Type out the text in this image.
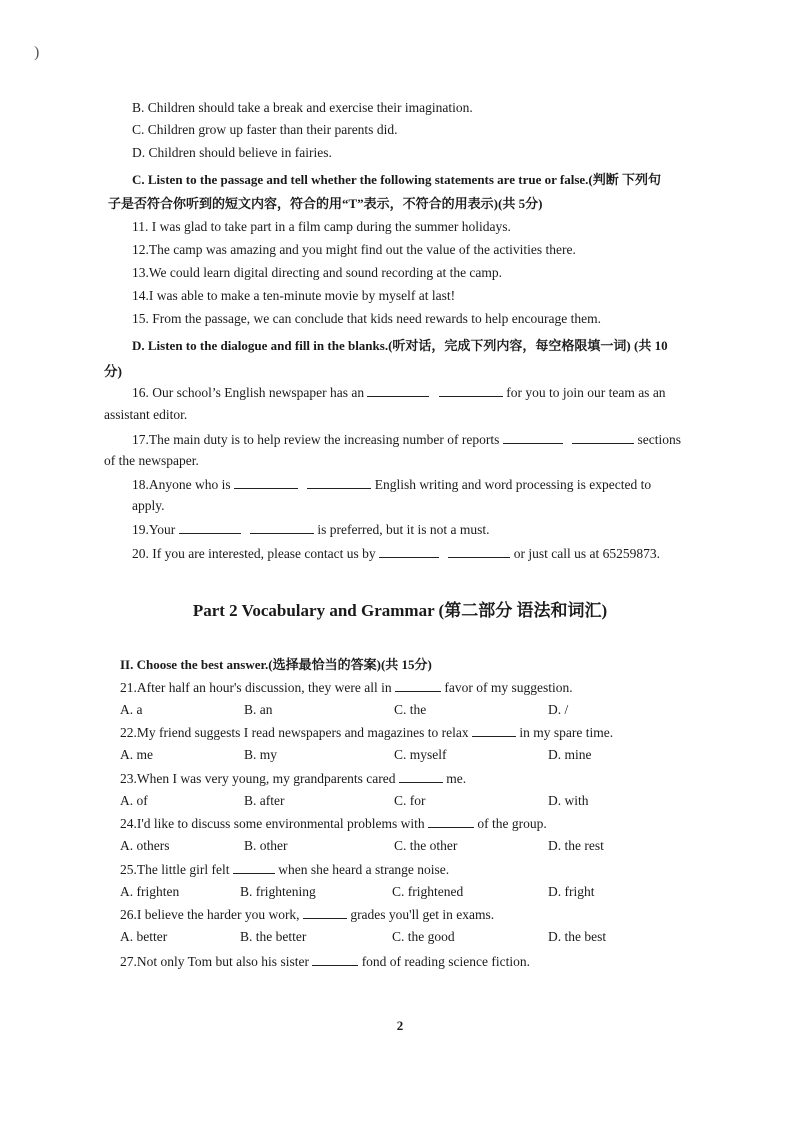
)
B. Children should take a break and exercise their imagination.
C. Children grow up faster than their parents did.
D. Children should believe in fairies.
C. Listen to the passage and tell whether the following statements are true or false.(判断 下列句
子是否符合你听到的短文内容，符合的用“T”表示，不符合的用表示)(共 5分)
11. I was glad to take part in a film camp during the summer holidays.
12.The camp was amazing and you might find out the value of the activities there.
13.We could learn digital directing and sound recording at the camp.
14.I was able to make a ten-minute movie by myself at last!
15. From the passage, we can conclude that kids need rewards to help encourage them.
D. Listen to the dialogue and fill in the blanks.(听对话，完成下列内容，每空格限填一词) (共 10
分)
16. Our school’s English newspaper has an	for you to join our team as an
assistant editor.
17.The main duty is to help review the increasing number of reports	sections
of the newspaper.
18.Anyone who is	English writing and word processing is expected to
apply.
19.Your	is preferred, but it is not a must.
20. If you are interested, please contact us by	or just call us at 65259873.
Part 2 Vocabulary and Grammar (第二部分 语法和词汇)
II. Choose the best answer.(选择最恰当的答案)(共 15分)
21.After half an hour's discussion, they were all in	favor of my suggestion.
A. a	B. an	C. the	D. /
22.My friend suggests I read newspapers and magazines to relax	in my spare time.
A. me	B. my	C. myself	D. mine
23.When I was very young, my grandparents cared	me.
A. of	B. after	C. for	D. with
24.I'd like to discuss some environmental problems with	of the group.
A. others	B. other	C. the other	D. the rest
25.The little girl felt	when she heard a strange noise.
A. frighten	B. frightening	C. frightened	D. fright
26.I believe the harder you work,	grades you'll get in exams.
A. better	B. the better	C. the good	D. the best
27.Not only Tom but also his sister	fond of reading science fiction.
2
